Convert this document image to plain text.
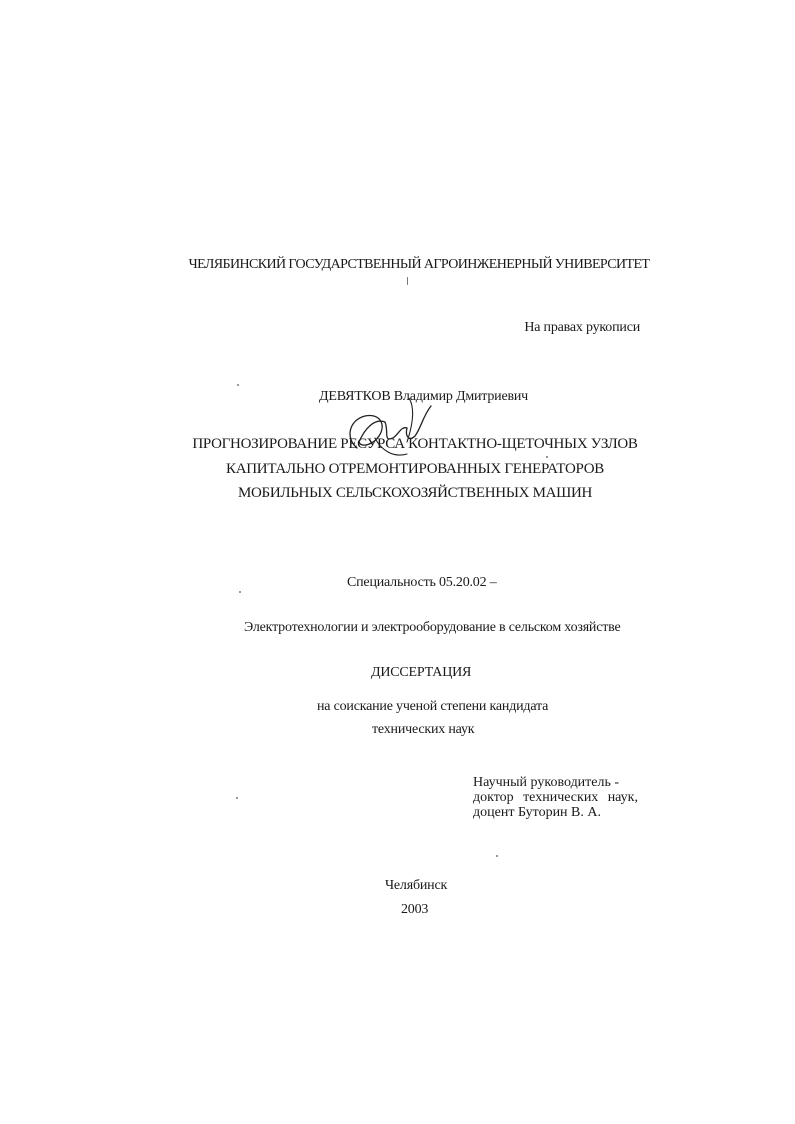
ЧЕЛЯБИНСКИЙ ГОСУДАРСТВЕННЫЙ АГРОИНЖЕНЕРНЫЙ УНИВЕРСИТЕТ
На правах рукописи
ДЕВЯТКОВ Владимир Дмитриевич
ПРОГНОЗИРОВАНИЕ РЕСУРСА КОНТАКТНО-ЩЕТОЧНЫХ УЗЛОВ
КАПИТАЛЬНО ОТРЕМОНТИРОВАННЫХ ГЕНЕРАТОРОВ
МОБИЛЬНЫХ СЕЛЬСКОХОЗЯЙСТВЕННЫХ МАШИН
Специальность 05.20.02 –
Электротехнологии и электрооборудование в сельском хозяйстве
ДИССЕРТАЦИЯ
на соискание ученой степени кандидата
технических наук
Научный руководитель -
доктор технических наук,
доцент Буторин В. А.
Челябинск
2003
